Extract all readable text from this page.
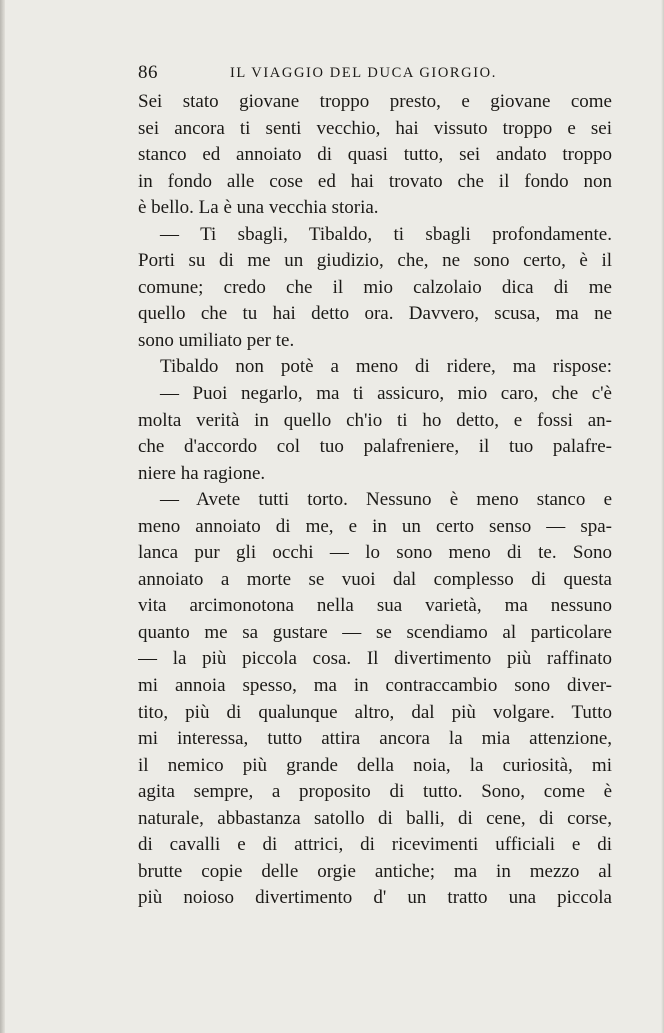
86	IL VIAGGIO DEL DUCA GIORGIO.
Sei stato giovane troppo presto, e giovane come
sei ancora ti senti vecchio, hai vissuto troppo e sei
stanco ed annoiato di quasi tutto, sei andato troppo
in fondo alle cose ed hai trovato che il fondo non
è bello. La è una vecchia storia.
— Ti sbagli, Tibaldo, ti sbagli profondamente.
Porti su di me un giudizio, che, ne sono certo, è il
comune; credo che il mio calzolaio dica di me
quello che tu hai detto ora. Davvero, scusa, ma ne
sono umiliato per te.
Tibaldo non potè a meno di ridere, ma rispose:
— Puoi negarlo, ma ti assicuro, mio caro, che c'è
molta verità in quello ch'io ti ho detto, e fossi an-
che d'accordo col tuo palafreniere, il tuo palafre-
niere ha ragione.
— Avete tutti torto. Nessuno è meno stanco e
meno annoiato di me, e in un certo senso — spa-
lanca pur gli occhi — lo sono meno di te. Sono
annoiato a morte se vuoi dal complesso di questa
vita arcimonotona nella sua varietà, ma nessuno
quanto me sa gustare — se scendiamo al particolare
— la più piccola cosa. Il divertimento più raffinato
mi annoia spesso, ma in contraccambio sono diver-
tito, più di qualunque altro, dal più volgare. Tutto
mi interessa, tutto attira ancora la mia attenzione,
il nemico più grande della noia, la curiosità, mi
agita sempre, a proposito di tutto. Sono, come è
naturale, abbastanza satollo di balli, di cene, di corse,
di cavalli e di attrici, di ricevimenti ufficiali e di
brutte copie delle orgie antiche; ma in mezzo al
più noioso divertimento d' un tratto una piccola
